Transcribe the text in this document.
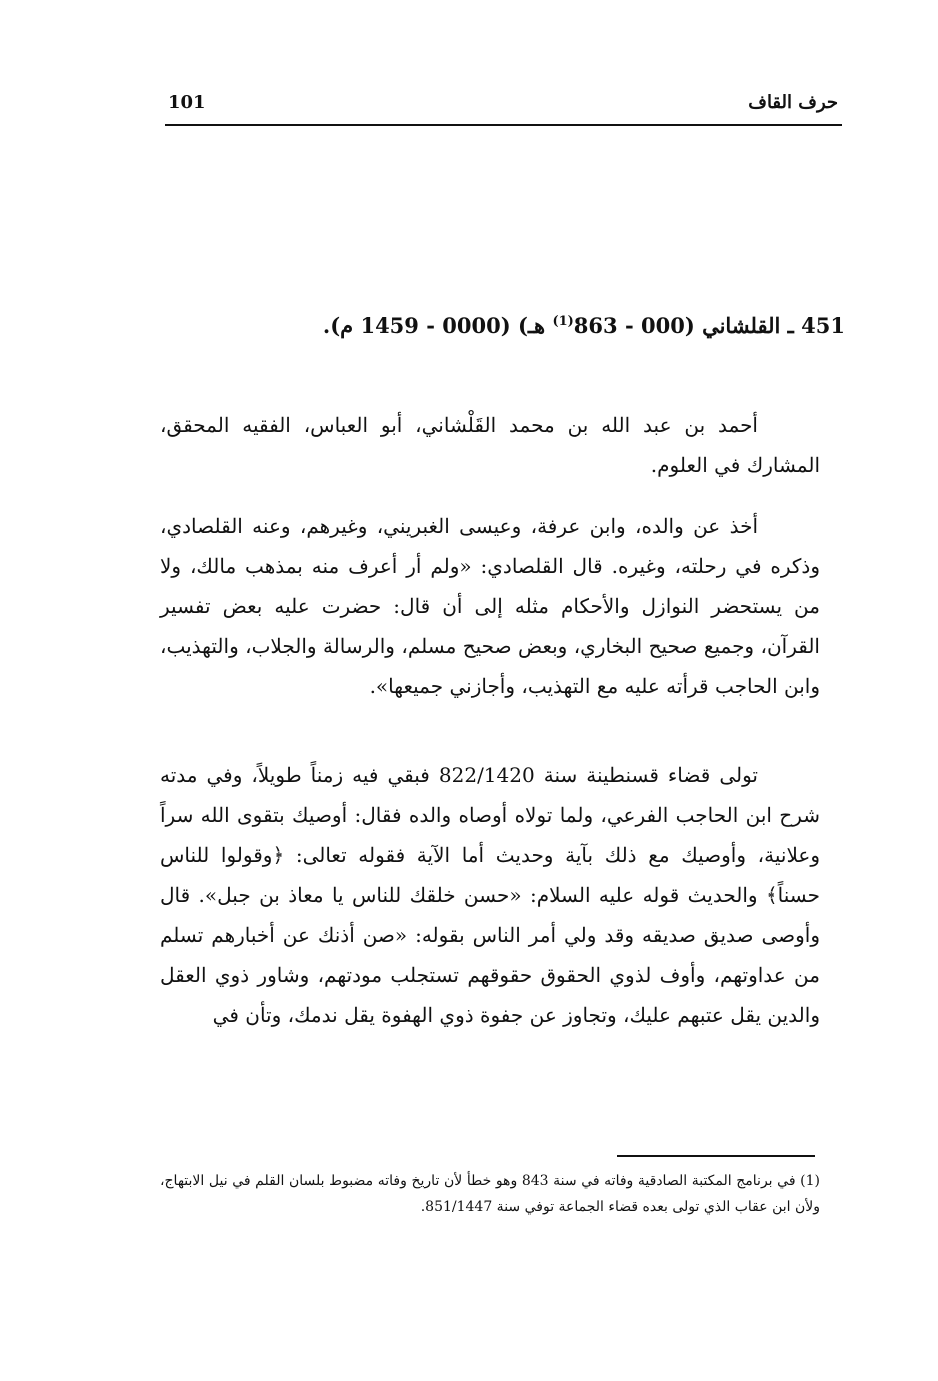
حرف القاف
101
451 ـ القلشاني (000 - 863$^{(1)}$ هـ) (0000 - 1459 م).

أحمد بن عبد الله بن محمد القَلْشاني، أبو العباس، الفقيه المحقق، المشارك في العلوم.

أخذ عن والده، وابن عرفة، وعيسى الغبريني، وغيرهم، وعنه القلصادي، وذكره في رحلته، وغيره. قال القلصادي: «ولم أر أعرف منه بمذهب مالك، ولا من يستحضر النوازل والأحكام مثله إلى أن قال: حضرت عليه بعض تفسير القرآن، وجميع صحيح البخاري، وبعض صحيح مسلم، والرسالة والجلاب، والتهذيب، وابن الحاجب قرأته عليه مع التهذيب، وأجازني جميعها».

تولى قضاء قسنطينة سنة 822/1420 فبقي فيه زمناً طويلاً، وفي مدته شرح ابن الحاجب الفرعي، ولما تولاه أوصاه والده فقال: أوصيك بتقوى الله سراً وعلانية، وأوصيك مع ذلك بآية وحديث أما الآية فقوله تعالى: ﴿وقولوا للناس حسناً﴾ والحديث قوله عليه السلام: «حسن خلقك للناس يا معاذ بن جبل». قال وأوصى صديق صديقه وقد ولي أمر الناس بقوله: «صن أذنك عن أخبارهم تسلم من عداوتهم، وأوف لذوي الحقوق حقوقهم تستجلب مودتهم، وشاور ذوي العقل والدين يقل عتبهم عليك، وتجاوز عن جفوة ذوي الهفوة يقل ندمك، وتأن في

(1) في برنامج المكتبة الصادقية وفاته في سنة 843 وهو خطأ لأن تاريخ وفاته مضبوط بلسان القلم في نيل الابتهاج، ولأن ابن عقاب الذي تولى بعده قضاء الجماعة توفي سنة 851/1447.
